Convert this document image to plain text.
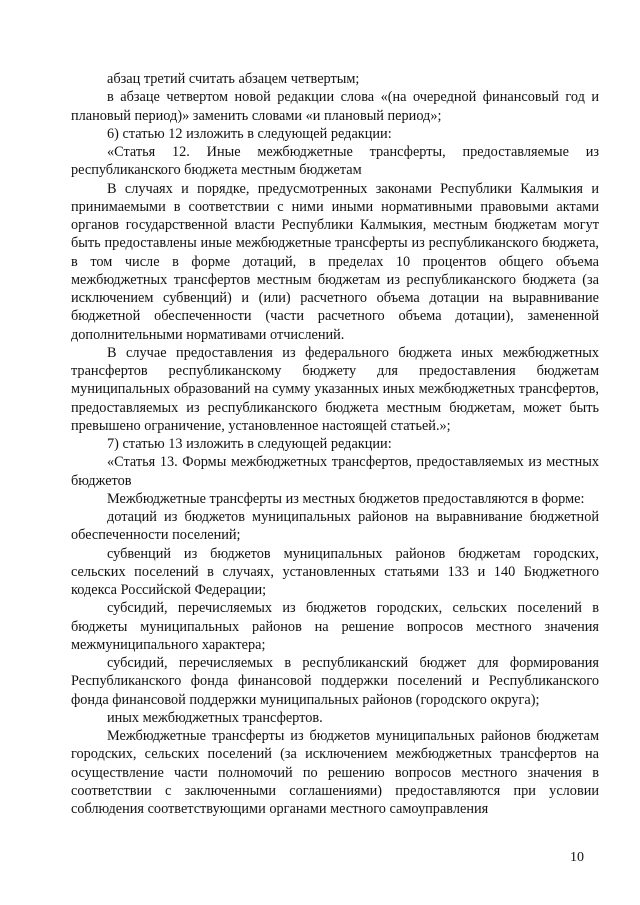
абзац третий считать абзацем четвертым;

в абзаце четвертом новой редакции слова «(на очередной финансовый год и плановый период)» заменить словами «и плановый период»;

6) статью 12 изложить в следующей редакции:

«Статья 12. Иные межбюджетные трансферты, предоставляемые из республиканского бюджета местным бюджетам

В случаях и порядке, предусмотренных законами Республики Калмыкия и принимаемыми в соответствии с ними иными нормативными правовыми актами органов государственной власти Республики Калмыкия, местным бюджетам могут быть предоставлены иные межбюджетные трансферты из республиканского бюджета, в том числе в форме дотаций, в пределах 10 процентов общего объема межбюджетных трансфертов местным бюджетам из республиканского бюджета (за исключением субвенций) и (или) расчетного объема дотации на выравнивание бюджетной обеспеченности (части расчетного объема дотации), замененной дополнительными нормативами отчислений.

В случае предоставления из федерального бюджета иных межбюджетных трансфертов республиканскому бюджету для предоставления бюджетам муниципальных образований на сумму указанных иных межбюджетных трансфертов, предоставляемых из республиканского бюджета местным бюджетам, может быть превышено ограничение, установленное настоящей статьей.»;

7) статью 13 изложить в следующей редакции:

«Статья 13. Формы межбюджетных трансфертов, предоставляемых из местных бюджетов

Межбюджетные трансферты из местных бюджетов предоставляются в форме:

дотаций из бюджетов муниципальных районов на выравнивание бюджетной обеспеченности поселений;

субвенций из бюджетов муниципальных районов бюджетам городских, сельских поселений в случаях, установленных статьями 133 и 140 Бюджетного кодекса Российской Федерации;

субсидий, перечисляемых из бюджетов городских, сельских поселений в бюджеты муниципальных районов на решение вопросов местного значения межмуниципального характера;

субсидий, перечисляемых в республиканский бюджет для формирования Республиканского фонда финансовой поддержки поселений и Республиканского фонда финансовой поддержки муниципальных районов (городского округа);

иных межбюджетных трансфертов.

Межбюджетные трансферты из бюджетов муниципальных районов бюджетам городских, сельских поселений (за исключением межбюджетных трансфертов на осуществление части полномочий по решению вопросов местного значения в соответствии с заключенными соглашениями) предоставляются при условии соблюдения соответствующими органами местного самоуправления

10
